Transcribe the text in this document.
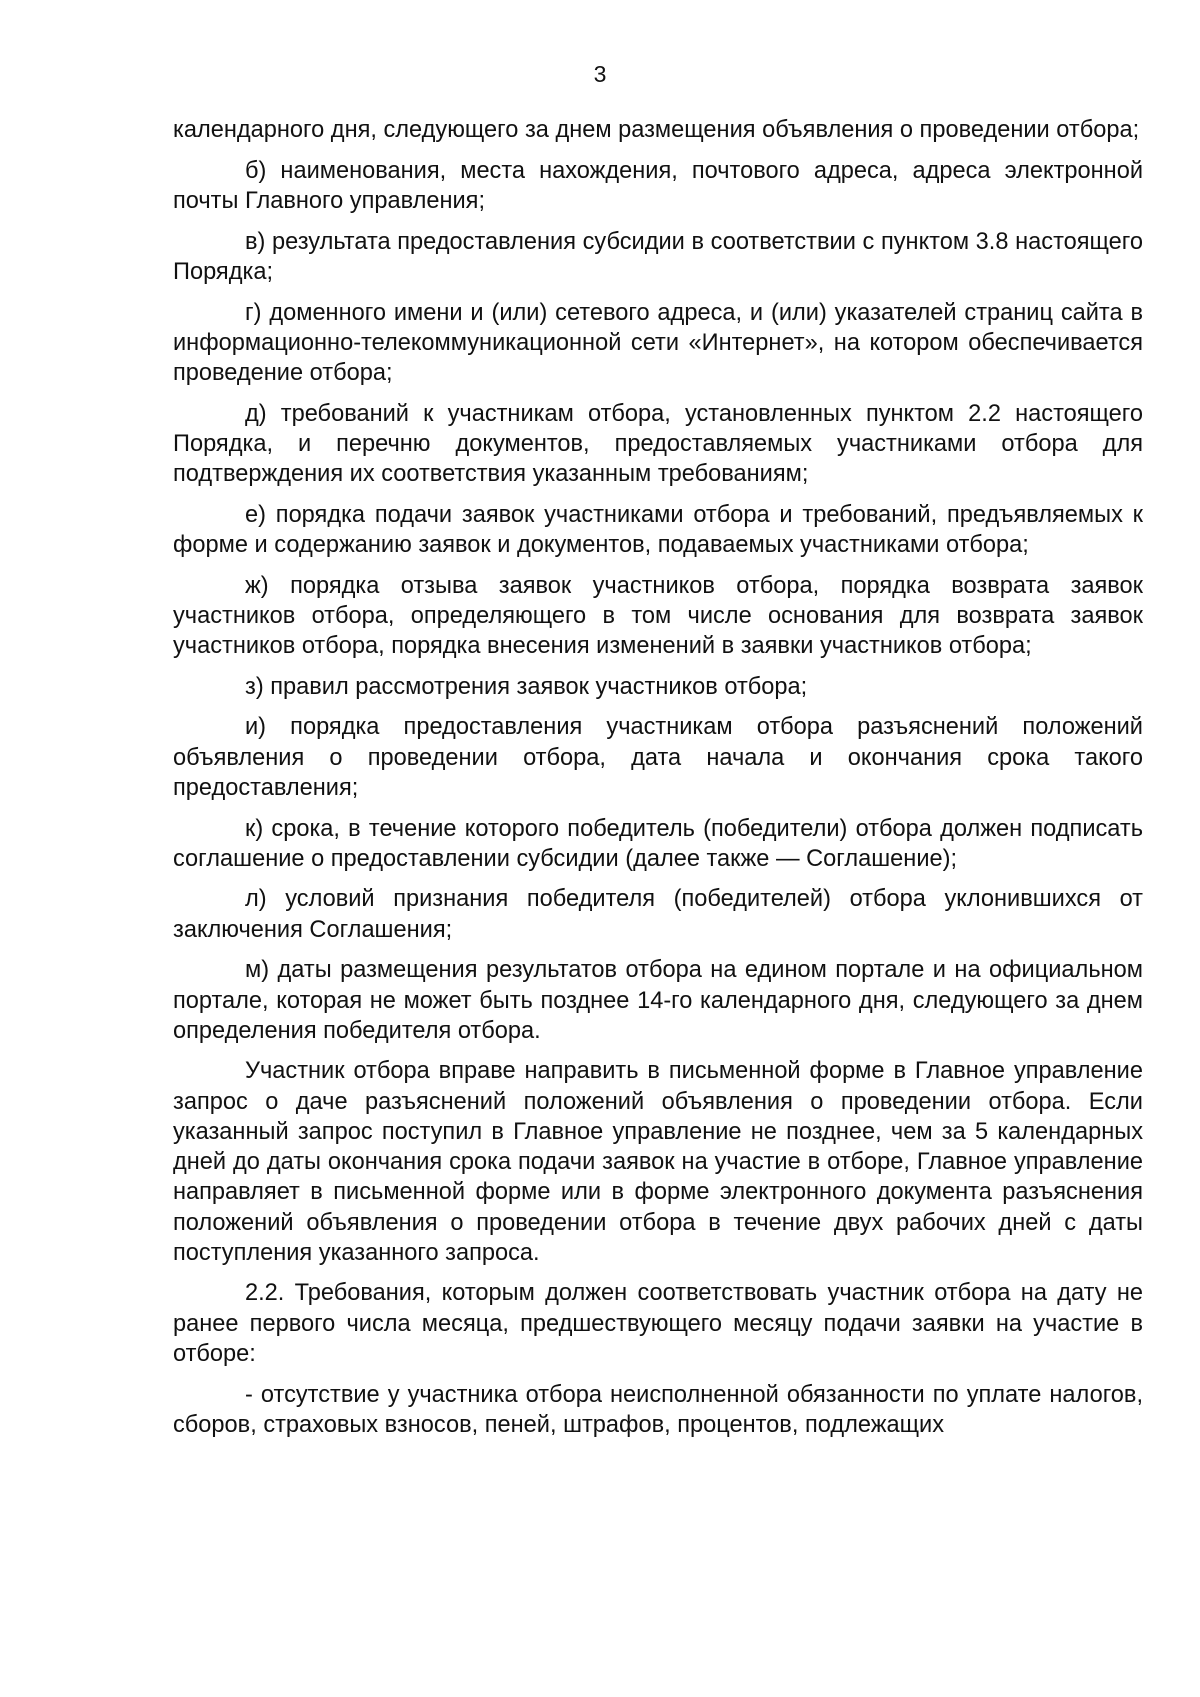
3

календарного дня, следующего за днем размещения объявления о проведении отбора;

б) наименования, места нахождения, почтового адреса, адреса электронной почты Главного управления;

в) результата предоставления субсидии в соответствии с пунктом 3.8 настоящего Порядка;

г) доменного имени и (или) сетевого адреса, и (или) указателей страниц сайта в информационно-телекоммуникационной сети «Интернет», на котором обеспечивается проведение отбора;

д) требований к участникам отбора, установленных пунктом 2.2 настоящего Порядка, и перечню документов, предоставляемых участниками отбора для подтверждения их соответствия указанным требованиям;

е) порядка подачи заявок участниками отбора и требований, предъявляемых к форме и содержанию заявок и документов, подаваемых участниками отбора;

ж) порядка отзыва заявок участников отбора, порядка возврата заявок участников отбора, определяющего в том числе основания для возврата заявок участников отбора, порядка внесения изменений в заявки участников отбора;

з) правил рассмотрения заявок участников отбора;

и) порядка предоставления участникам отбора разъяснений положений объявления о проведении отбора, дата начала и окончания срока такого предоставления;

к) срока, в течение которого победитель (победители) отбора должен подписать соглашение о предоставлении субсидии (далее также — Соглашение);

л) условий признания победителя (победителей) отбора уклонившихся от заключения Соглашения;

м) даты размещения результатов отбора на едином портале и на официальном портале, которая не может быть позднее 14-го календарного дня, следующего за днем определения победителя отбора.

Участник отбора вправе направить в письменной форме в Главное управление запрос о даче разъяснений положений объявления о проведении отбора. Если указанный запрос поступил в Главное управление не позднее, чем за 5 календарных дней до даты окончания срока подачи заявок на участие в отборе, Главное управление направляет в письменной форме или в форме электронного документа разъяснения положений объявления о проведении отбора в течение двух рабочих дней с даты поступления указанного запроса.

2.2. Требования, которым должен соответствовать участник отбора на дату не ранее первого числа месяца, предшествующего месяцу подачи заявки на участие в отборе:

- отсутствие у участника отбора неисполненной обязанности по уплате налогов, сборов, страховых взносов, пеней, штрафов, процентов, подлежащих
